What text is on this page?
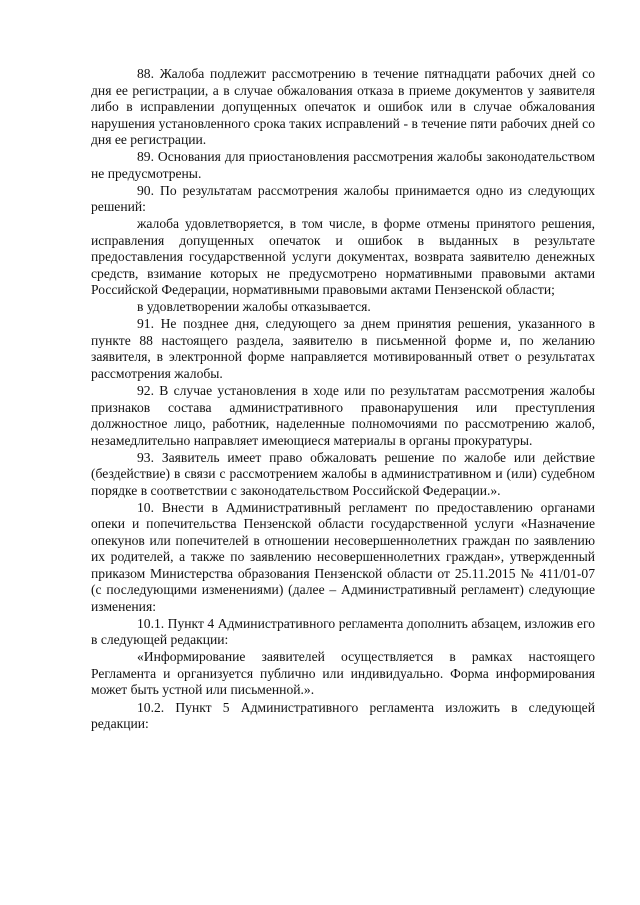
88. Жалоба подлежит рассмотрению в течение пятнадцати рабочих дней со дня ее регистрации, а в случае обжалования отказа в приеме документов у заявителя либо в исправлении допущенных опечаток и ошибок или в случае обжалования нарушения установленного срока таких исправлений - в течение пяти рабочих дней со дня ее регистрации.

89. Основания для приостановления рассмотрения жалобы законодательством не предусмотрены.

90. По результатам рассмотрения жалобы принимается одно из следующих решений:

жалоба удовлетворяется, в том числе, в форме отмены принятого решения, исправления допущенных опечаток и ошибок в выданных в результате предоставления государственной услуги документах, возврата заявителю денежных средств, взимание которых не предусмотрено нормативными правовыми актами Российской Федерации, нормативными правовыми актами Пензенской области;

в удовлетворении жалобы отказывается.

91. Не позднее дня, следующего за днем принятия решения, указанного в пункте 88 настоящего раздела, заявителю в письменной форме и, по желанию заявителя, в электронной форме направляется мотивированный ответ о результатах рассмотрения жалобы.

92. В случае установления в ходе или по результатам рассмотрения жалобы признаков состава административного правонарушения или преступления должностное лицо, работник, наделенные полномочиями по рассмотрению жалоб, незамедлительно направляет имеющиеся материалы в органы прокуратуры.

93. Заявитель имеет право обжаловать решение по жалобе или действие (бездействие) в связи с рассмотрением жалобы в административном и (или) судебном порядке в соответствии с законодательством Российской Федерации.».

10. Внести в Административный регламент по предоставлению органами опеки и попечительства Пензенской области государственной услуги «Назначение опекунов или попечителей в отношении несовершеннолетних граждан по заявлению их родителей, а также по заявлению несовершеннолетних граждан», утвержденный приказом Министерства образования Пензенской области от 25.11.2015 № 411/01-07 (с последующими изменениями) (далее – Административный регламент) следующие изменения:

10.1. Пункт 4 Административного регламента дополнить абзацем, изложив его в следующей редакции:

«Информирование заявителей осуществляется в рамках настоящего Регламента и организуется публично или индивидуально. Форма информирования может быть устной или письменной.».

10.2. Пункт 5 Административного регламента изложить в следующей редакции:
